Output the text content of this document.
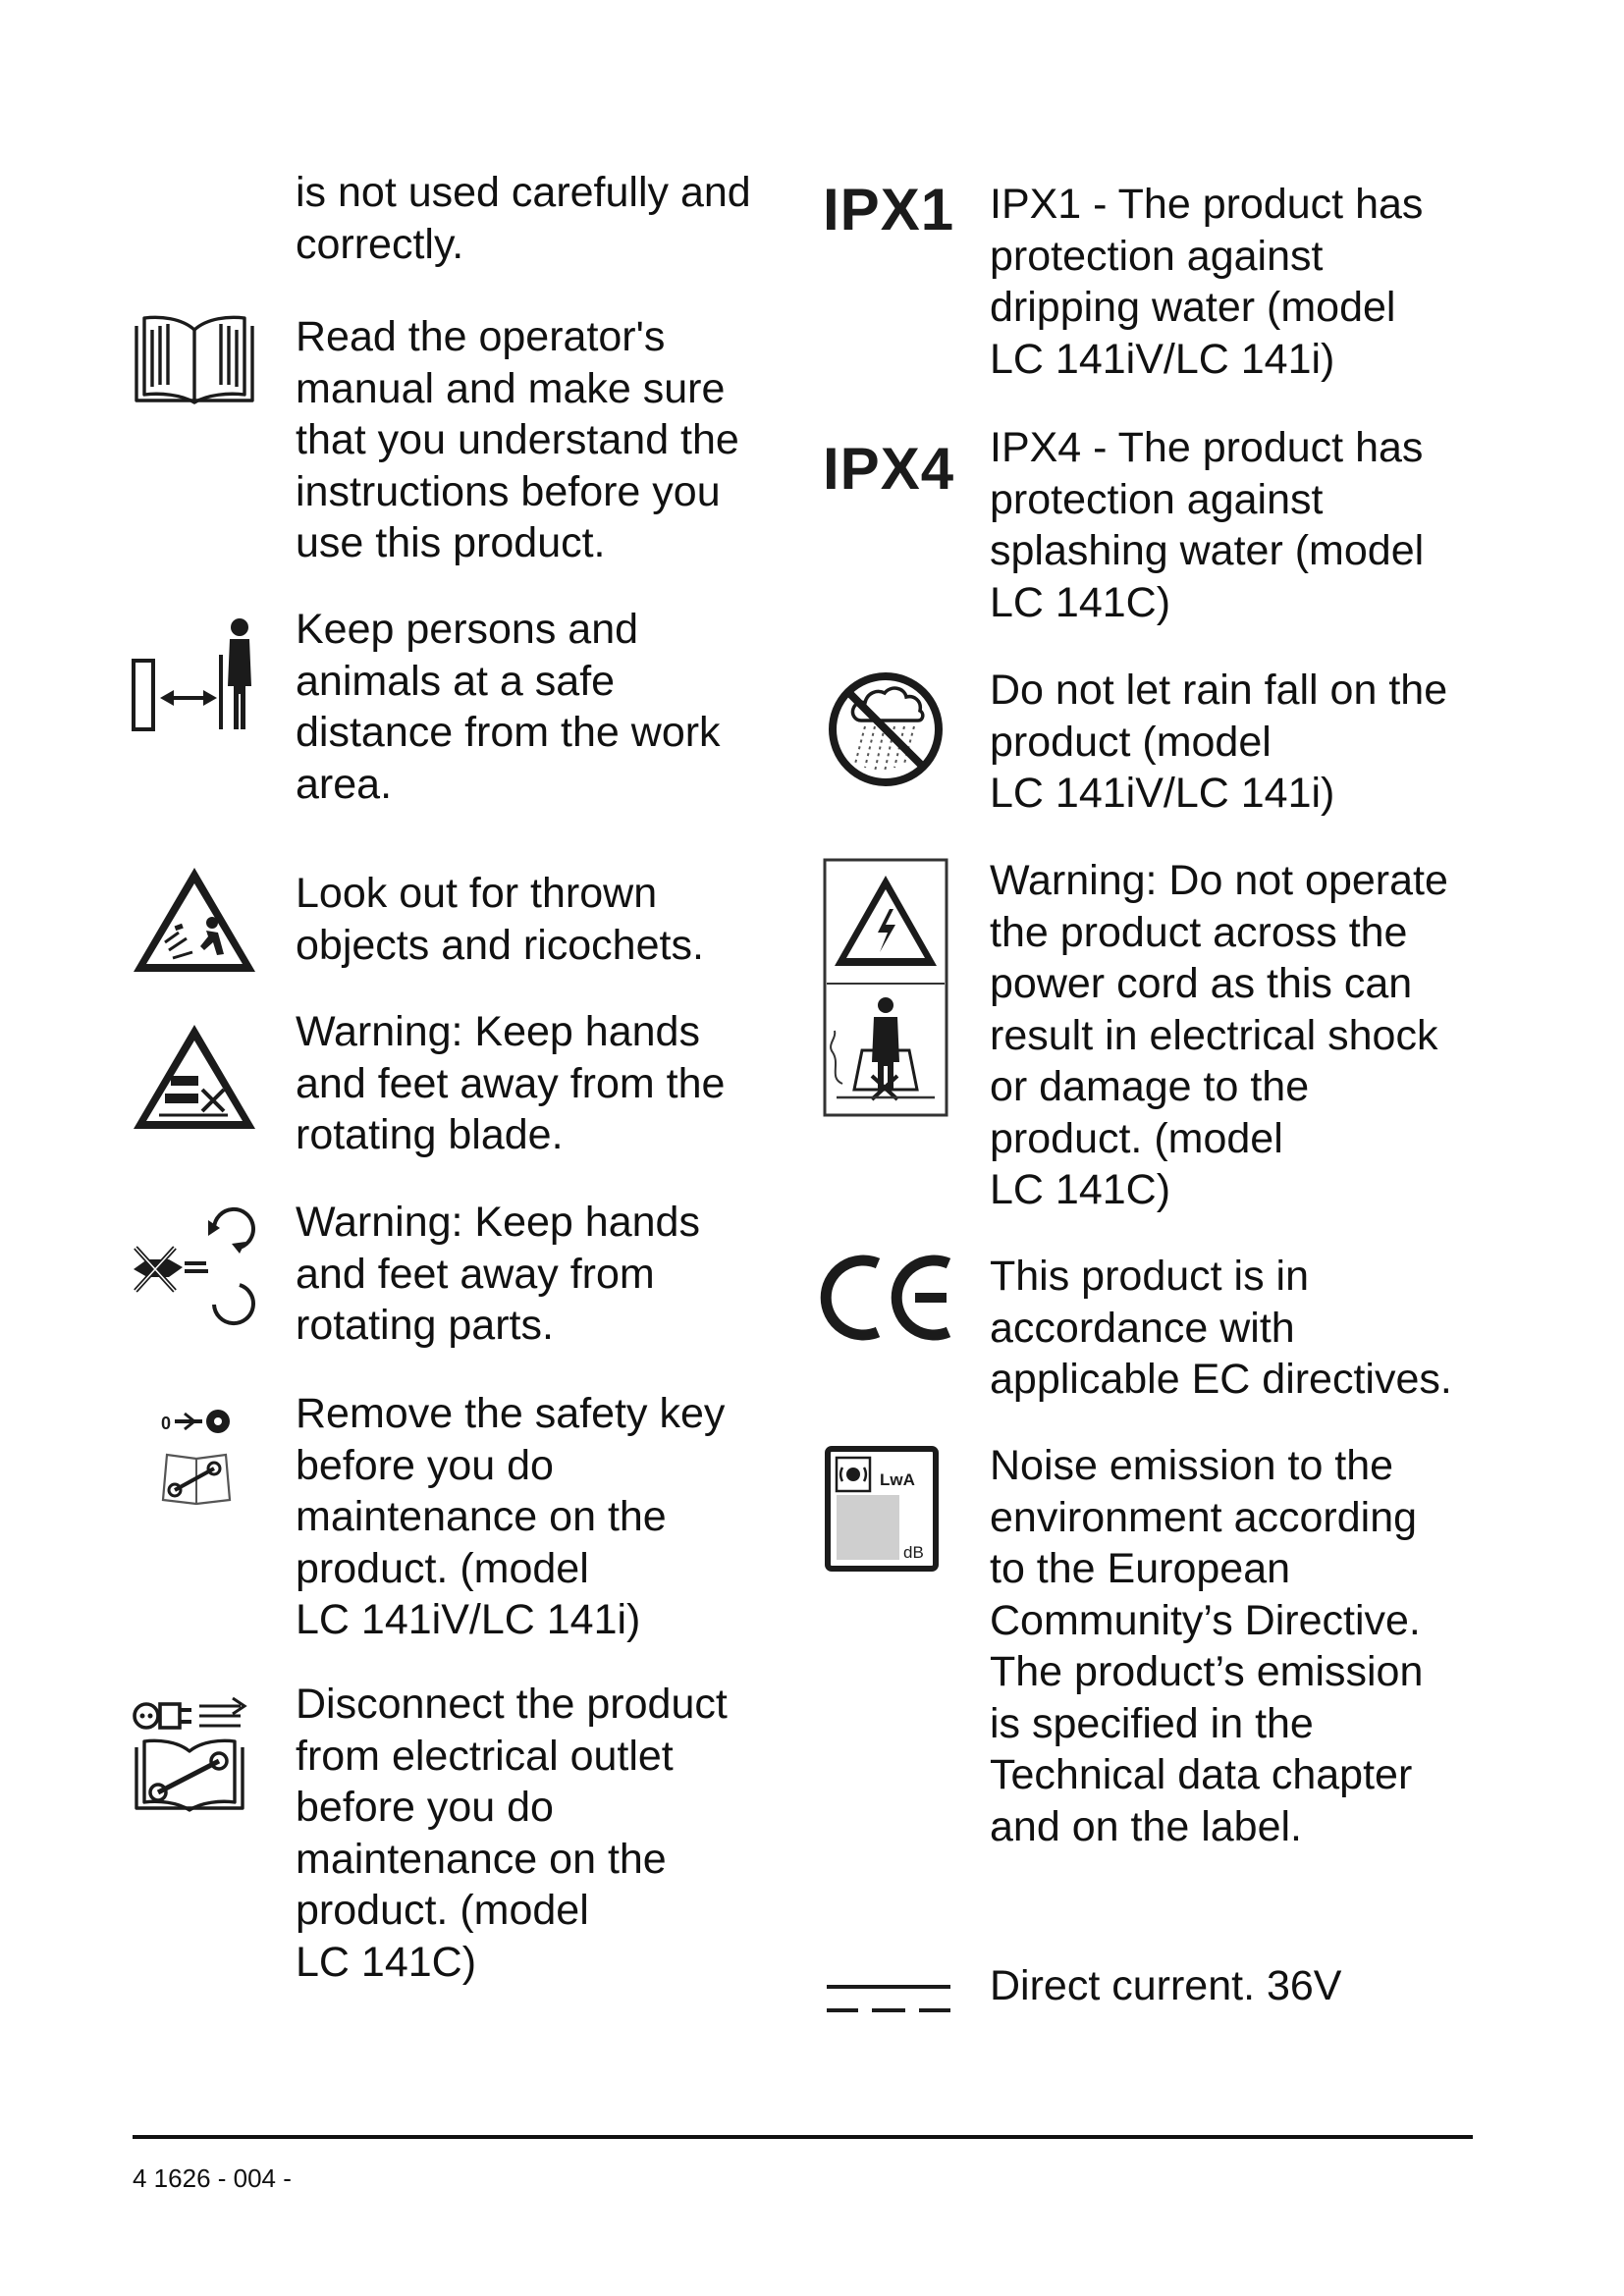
is not used carefully and
correctly.
Read the operator's
manual and make sure
that you understand the
instructions before you
use this product.
Keep persons and
animals at a safe
distance from the work
area.
Look out for thrown
objects and ricochets.
Warning: Keep hands
and feet away from the
rotating blade.
Warning: Keep hands
and feet away from
rotating parts.
0	Remove the safety key
before you do
maintenance on the
product. (model
LC 141iV/LC 141i)
Disconnect the product
from electrical outlet
before you do
maintenance on the
product. (model
LC 141C)
IPX1 IPX1 - The product has
protection against
dripping water (model
LC 141iV/LC 141i)
IPX4 IPX4 - The product has
protection against
splashing water (model
LC 141C)
Do not let rain fall on the
product (model
LC 141iV/LC 141i)
Warning: Do not operate
the product across the
power cord as this can
result in electrical shock
or damage to the
product. (model
LC 141C)
This product is in
accordance with
applicable EC directives.
LwA
dB
Noise emission to the
environment according
to the European
Community’s Directive.
The product’s emission
is specified in the
Technical data chapter
and on the label.
Direct current. 36V
4 1626 - 004 -
